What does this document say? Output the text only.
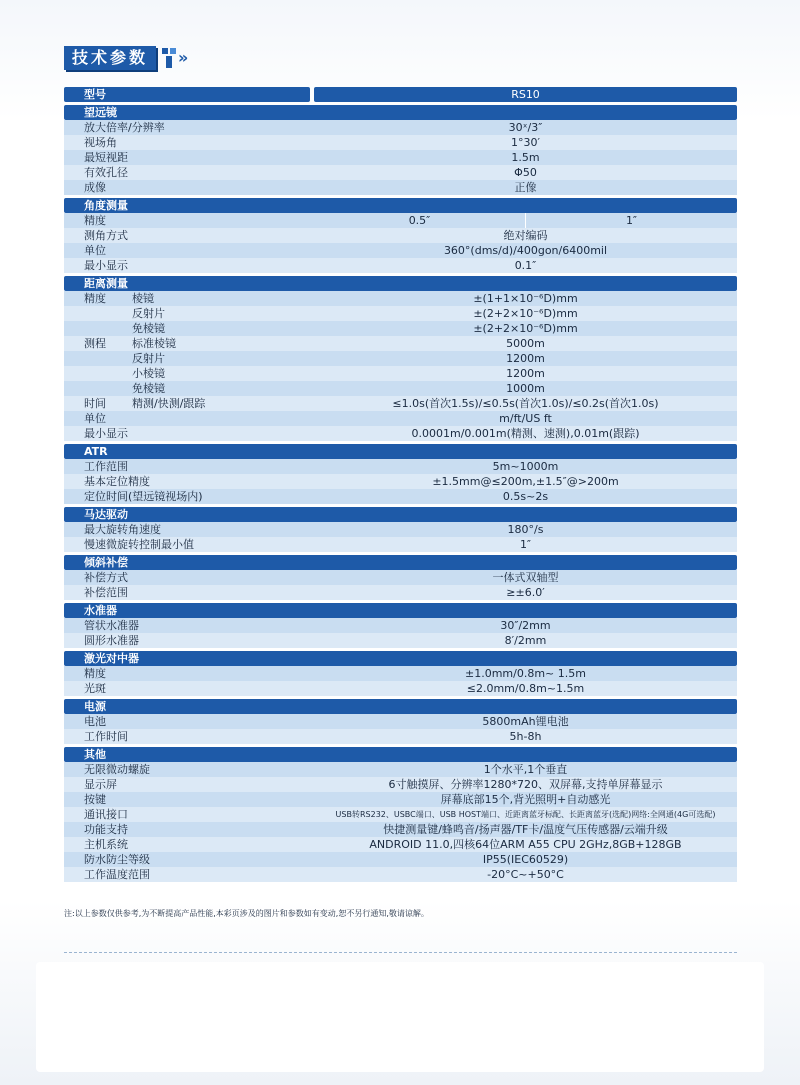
技术参数	»
型号	RS10
望远镜
放大倍率/分辨率	30ˣ/3″
视场角	1°30′
最短视距	1.5m
有效孔径	Φ50
成像	正像
角度测量
精度	0.5″	1″
测角方式	绝对编码
单位	360°(dms/d)/400gon/6400mil
最小显示	0.1″
距离测量
精度 棱镜	±(1+1×10⁻⁶D)mm
反射片	±(2+2×10⁻⁶D)mm
免棱镜	±(2+2×10⁻⁶D)mm
测程 标准棱镜	5000m
反射片	1200m
小棱镜	1200m
免棱镜	1000m
时间 精测/快测/跟踪	≤1.0s(首次1.5s)/≤0.5s(首次1.0s)/≤0.2s(首次1.0s)
单位	m/ft/US ft
最小显示	0.0001m/0.001m(精测、速测),0.01m(跟踪)
ATR
工作范围	5m~1000m
基本定位精度	±1.5mm@≤200m,±1.5″@>200m
定位时间(望远镜视场内)	0.5s~2s
马达驱动
最大旋转角速度	180°/s
慢速微旋转控制最小值	1″
倾斜补偿
补偿方式	一体式双轴型
补偿范围	≥±6.0′
水准器
管状水准器	30″/2mm
圆形水准器	8′/2mm
激光对中器
精度	±1.0mm/0.8m~ 1.5m
光斑	≤2.0mm/0.8m~1.5m
电源
电池	5800mAh锂电池
工作时间	5h-8h
其他
无限微动螺旋	1个水平,1个垂直
显示屏	6寸触摸屏、分辨率1280*720、双屏幕,支持单屏幕显示
按键	屏幕底部15个,背光照明+自动感光
通讯接口	USB转RS232、USBC端口、USB HOST端口、近距离蓝牙标配、长距离蓝牙(选配)网络:全网通(4G可选配)
功能支持	快捷测量键/蜂鸣音/扬声器/TF卡/温度气压传感器/云端升级
主机系统	ANDROID 11.0,四核64位ARM A55 CPU 2GHz,8GB+128GB
防水防尘等级	IP55(IEC60529)
工作温度范围	-20°C~+50°C
注:以上参数仅供参考,为不断提高产品性能,本彩页涉及的图片和参数如有变动,恕不另行通知,敬请谅解。
